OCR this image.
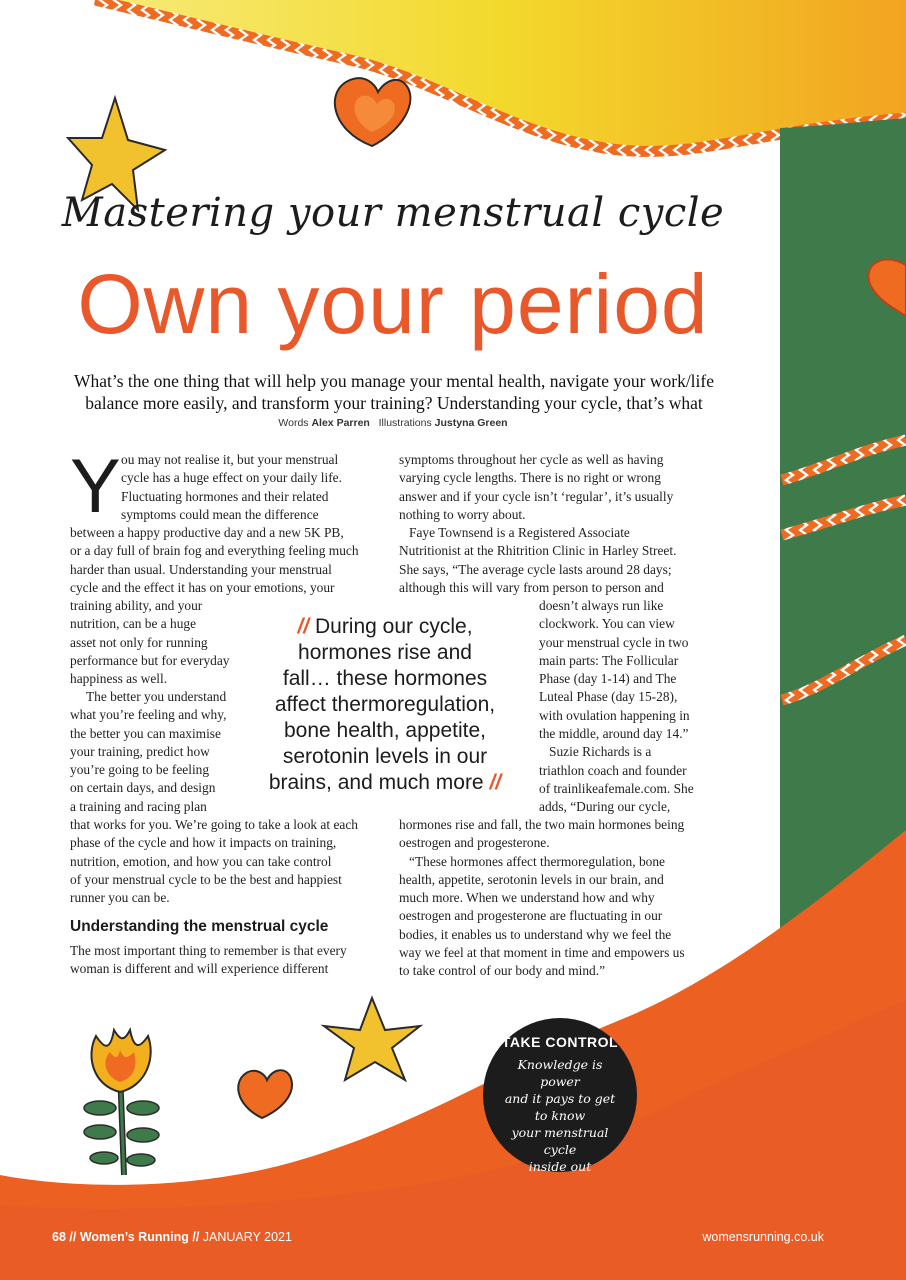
Mastering your menstrual cycle
Own your period
What’s the one thing that will help you manage your mental health, navigate your work/life balance more easily, and transform your training? Understanding your cycle, that’s what
Words Alex Parren Illustrations Justyna Green
Y ou may not realise it, but your menstrual

cycle has a huge effect on your daily life.

Fluctuating hormones and their related

symptoms could mean the difference

between a happy productive day and a new 5K PB,

or a day full of brain fog and everything feeling much

harder than usual. Understanding your menstrual

cycle and the effect it has on your emotions, your

training ability, and your

nutrition, can be a huge

asset not only for running

performance but for everyday

happiness as well.

The better you understand

what you’re feeling and why,

the better you can maximise

your training, predict how

you’re going to be feeling

on certain days, and design

a training and racing plan

that works for you. We’re going to take a look at each

phase of the cycle and how it impacts on training,

nutrition, emotion, and how you can take control

of your menstrual cycle to be the best and happiest

runner you can be.

Understanding the menstrual cycle

The most important thing to remember is that every

woman is different and will experience different

symptoms throughout her cycle as well as having

varying cycle lengths. There is no right or wrong

answer and if your cycle isn’t ‘regular’, it’s usually

nothing to worry about.

Faye Townsend is a Registered Associate

Nutritionist at the Rhitrition Clinic in Harley Street.

She says, “The average cycle lasts around 28 days;

although this will vary from person to person and

doesn’t always run like

clockwork. You can view

your menstrual cycle in two

main parts: The Follicular

Phase (day 1-14) and The

Luteal Phase (day 15-28),

with ovulation happening in

the middle, around day 14.”

Suzie Richards is a

triathlon coach and founder

of trainlikeafemale.com. She

adds, “During our cycle,

hormones rise and fall, the two main hormones being

oestrogen and progesterone.

“These hormones affect thermoregulation, bone

health, appetite, serotonin levels in our brain, and

much more. When we understand how and why

oestrogen and progesterone are fluctuating in our

bodies, it enables us to understand why we feel the

way we feel at that moment in time and empowers us

to take control of our body and mind.”

// During our cycle,
hormones rise and
fall… these hormones
affect thermoregulation,
bone health, appetite,
serotonin levels in our
brains, and much more //
TAKE CONTROL
Knowledge is power
and it pays to get to know
your menstrual cycle
inside out
68 // Women’s Running // JANUARY 2021	womensrunning.co.uk
